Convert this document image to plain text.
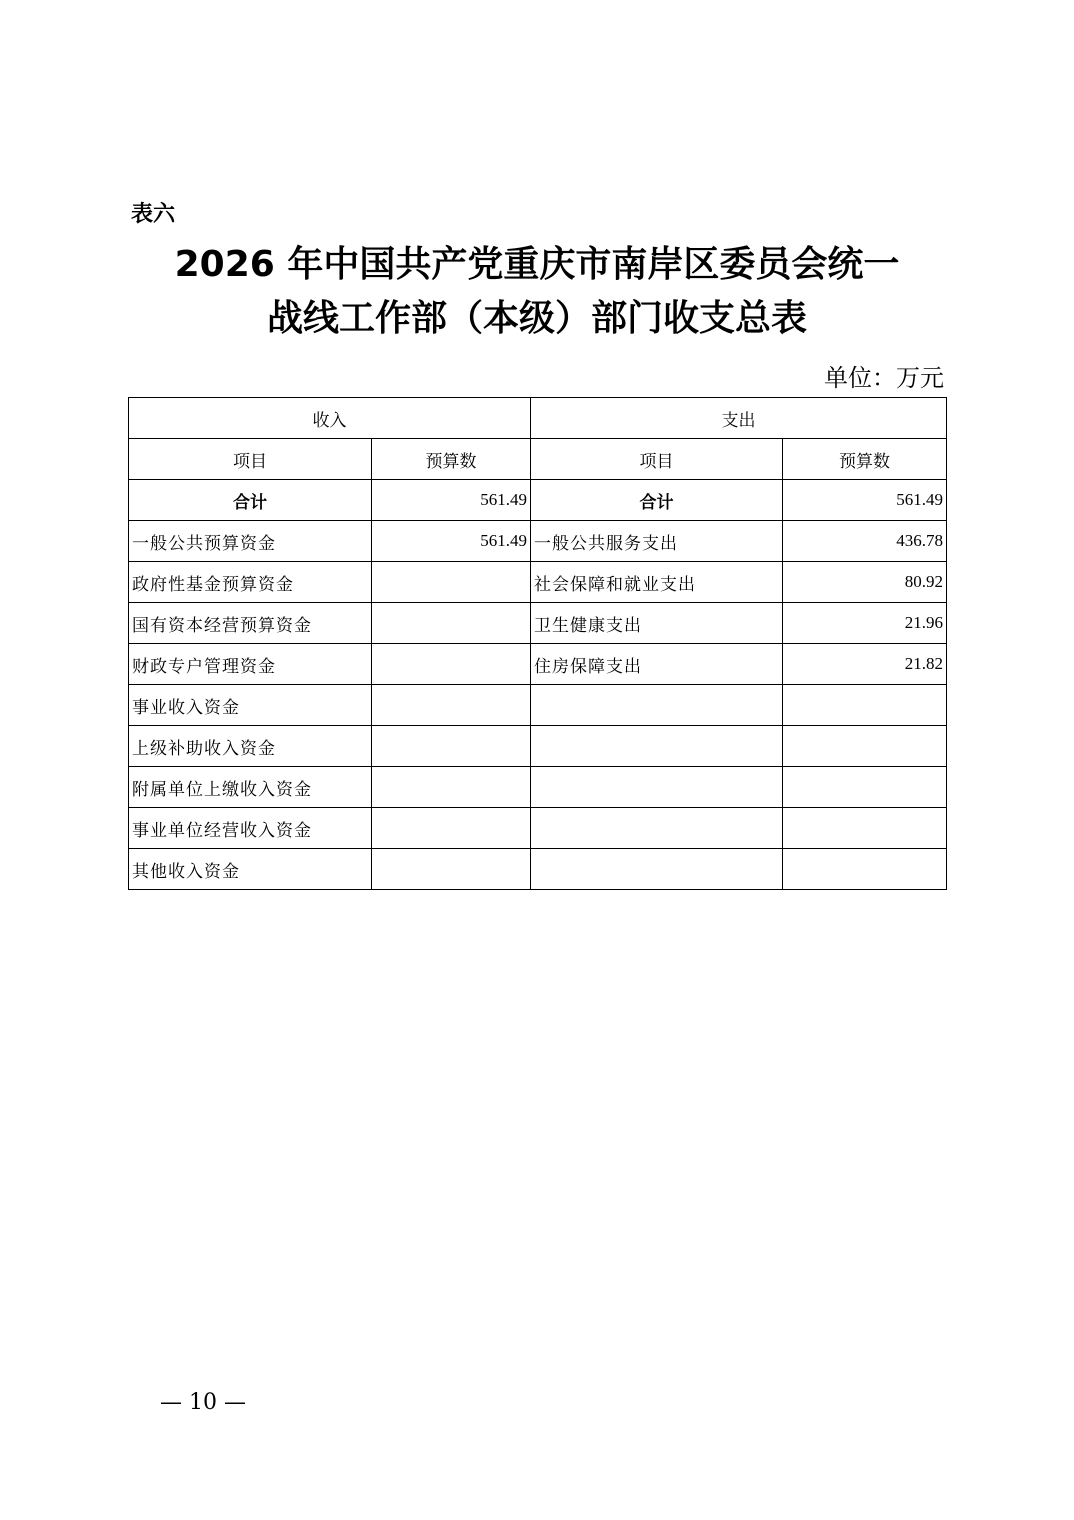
表六
2026 年中国共产党重庆市南岸区委员会统一
战线工作部（本级）部门收支总表
单位：万元
收入		支出	
项目	预算数	项目	预算数
合计	561.49	合计	561.49
一般公共预算资金	561.49	一般公共服务支出	436.78
政府性基金预算资金		社会保障和就业支出	80.92
国有资本经营预算资金		卫生健康支出	21.96
财政专户管理资金		住房保障支出	21.82
事业收入资金			
上级补助收入资金			
附属单位上缴收入资金			
事业单位经营收入资金			
其他收入资金			
— 10 —
